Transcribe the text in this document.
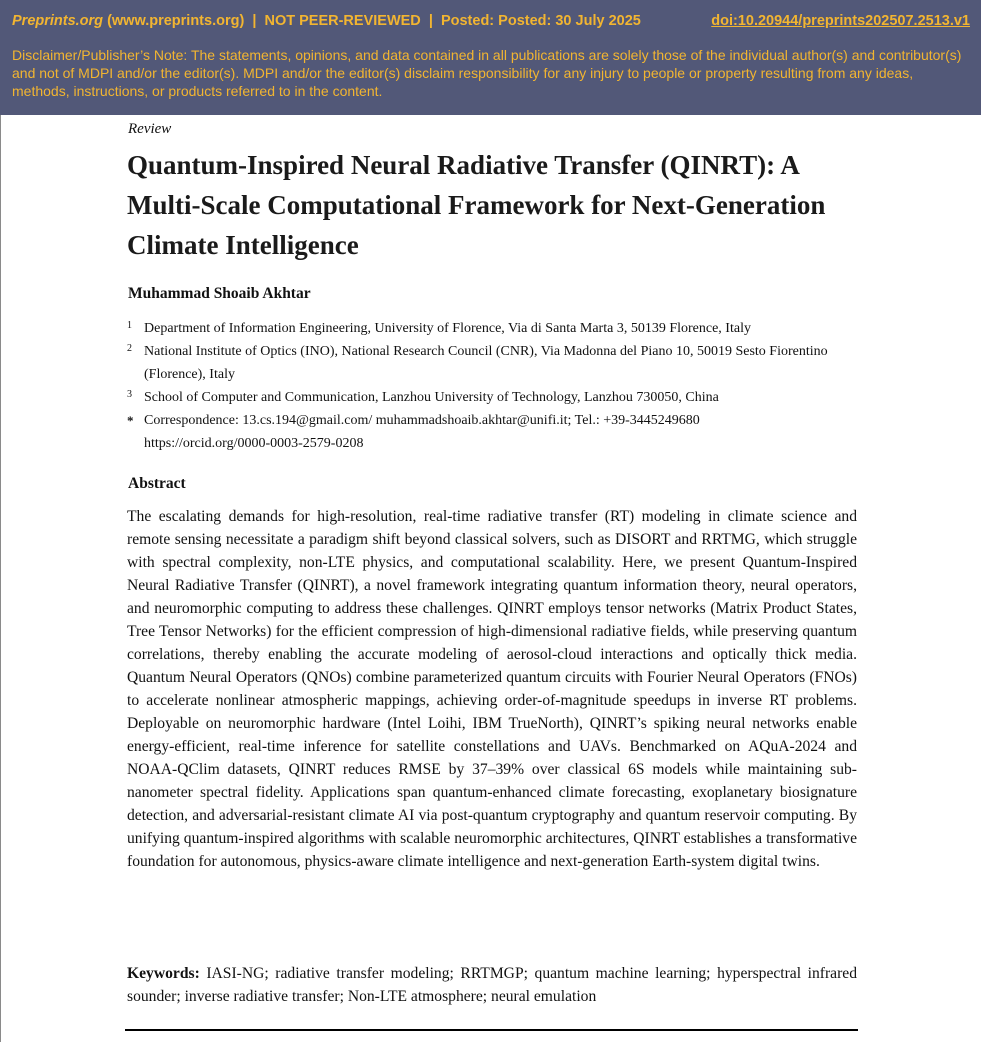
Preprints.org (www.preprints.org) | NOT PEER-REVIEWED | Posted: Posted: 30 July 2025	doi:10.20944/preprints202507.2513.v1
Disclaimer/Publisher’s Note: The statements, opinions, and data contained in all publications are solely those of the individual author(s) and contributor(s) and not of MDPI and/or the editor(s). MDPI and/or the editor(s) disclaim responsibility for any injury to people or property resulting from any ideas, methods, instructions, or products referred to in the content.
Review
Quantum-Inspired Neural Radiative Transfer (QINRT): A Multi-Scale Computational Framework for Next-Generation Climate Intelligence
Muhammad Shoaib Akhtar
1 Department of Information Engineering, University of Florence, Via di Santa Marta 3, 50139 Florence, Italy
2 National Institute of Optics (INO), National Research Council (CNR), Via Madonna del Piano 10, 50019 Sesto Fiorentino (Florence), Italy
3 School of Computer and Communication, Lanzhou University of Technology, Lanzhou 730050, China
* Correspondence: 13.cs.194@gmail.com/ muhammadshoaib.akhtar@unifi.it; Tel.: +39-3445249680
https://orcid.org/0000-0003-2579-0208
Abstract

The escalating demands for high-resolution, real-time radiative transfer (RT) modeling in climate science and remote sensing necessitate a paradigm shift beyond classical solvers, such as DISORT and RRTMG, which struggle with spectral complexity, non-LTE physics, and computational scalability. Here, we present Quantum-Inspired Neural Radiative Transfer (QINRT), a novel framework integrating quantum information theory, neural operators, and neuromorphic computing to address these challenges. QINRT employs tensor networks (Matrix Product States, Tree Tensor Networks) for the efficient compression of high-dimensional radiative fields, while preserving quantum correlations, thereby enabling the accurate modeling of aerosol-cloud interactions and optically thick media. Quantum Neural Operators (QNOs) combine parameterized quantum circuits with Fourier Neural Operators (FNOs) to accelerate nonlinear atmospheric mappings, achieving order-of-magnitude speedups in inverse RT problems. Deployable on neuromorphic hardware (Intel Loihi, IBM TrueNorth), QINRT’s spiking neural networks enable energy-efficient, real-time inference for satellite constellations and UAVs. Benchmarked on AQuA-2024 and NOAA-QClim datasets, QINRT reduces RMSE by 37–39% over classical 6S models while maintaining sub-nanometer spectral fidelity. Applications span quantum-enhanced climate forecasting, exoplanetary biosignature detection, and adversarial-resistant climate AI via post-quantum cryptography and quantum reservoir computing. By unifying quantum-inspired algorithms with scalable neuromorphic architectures, QINRT establishes a transformative foundation for autonomous, physics-aware climate intelligence and next-generation Earth-system digital twins.

Keywords: IASI-NG; radiative transfer modeling; RRTMGP; quantum machine learning; hyperspectral infrared sounder; inverse radiative transfer; Non-LTE atmosphere; neural emulation
